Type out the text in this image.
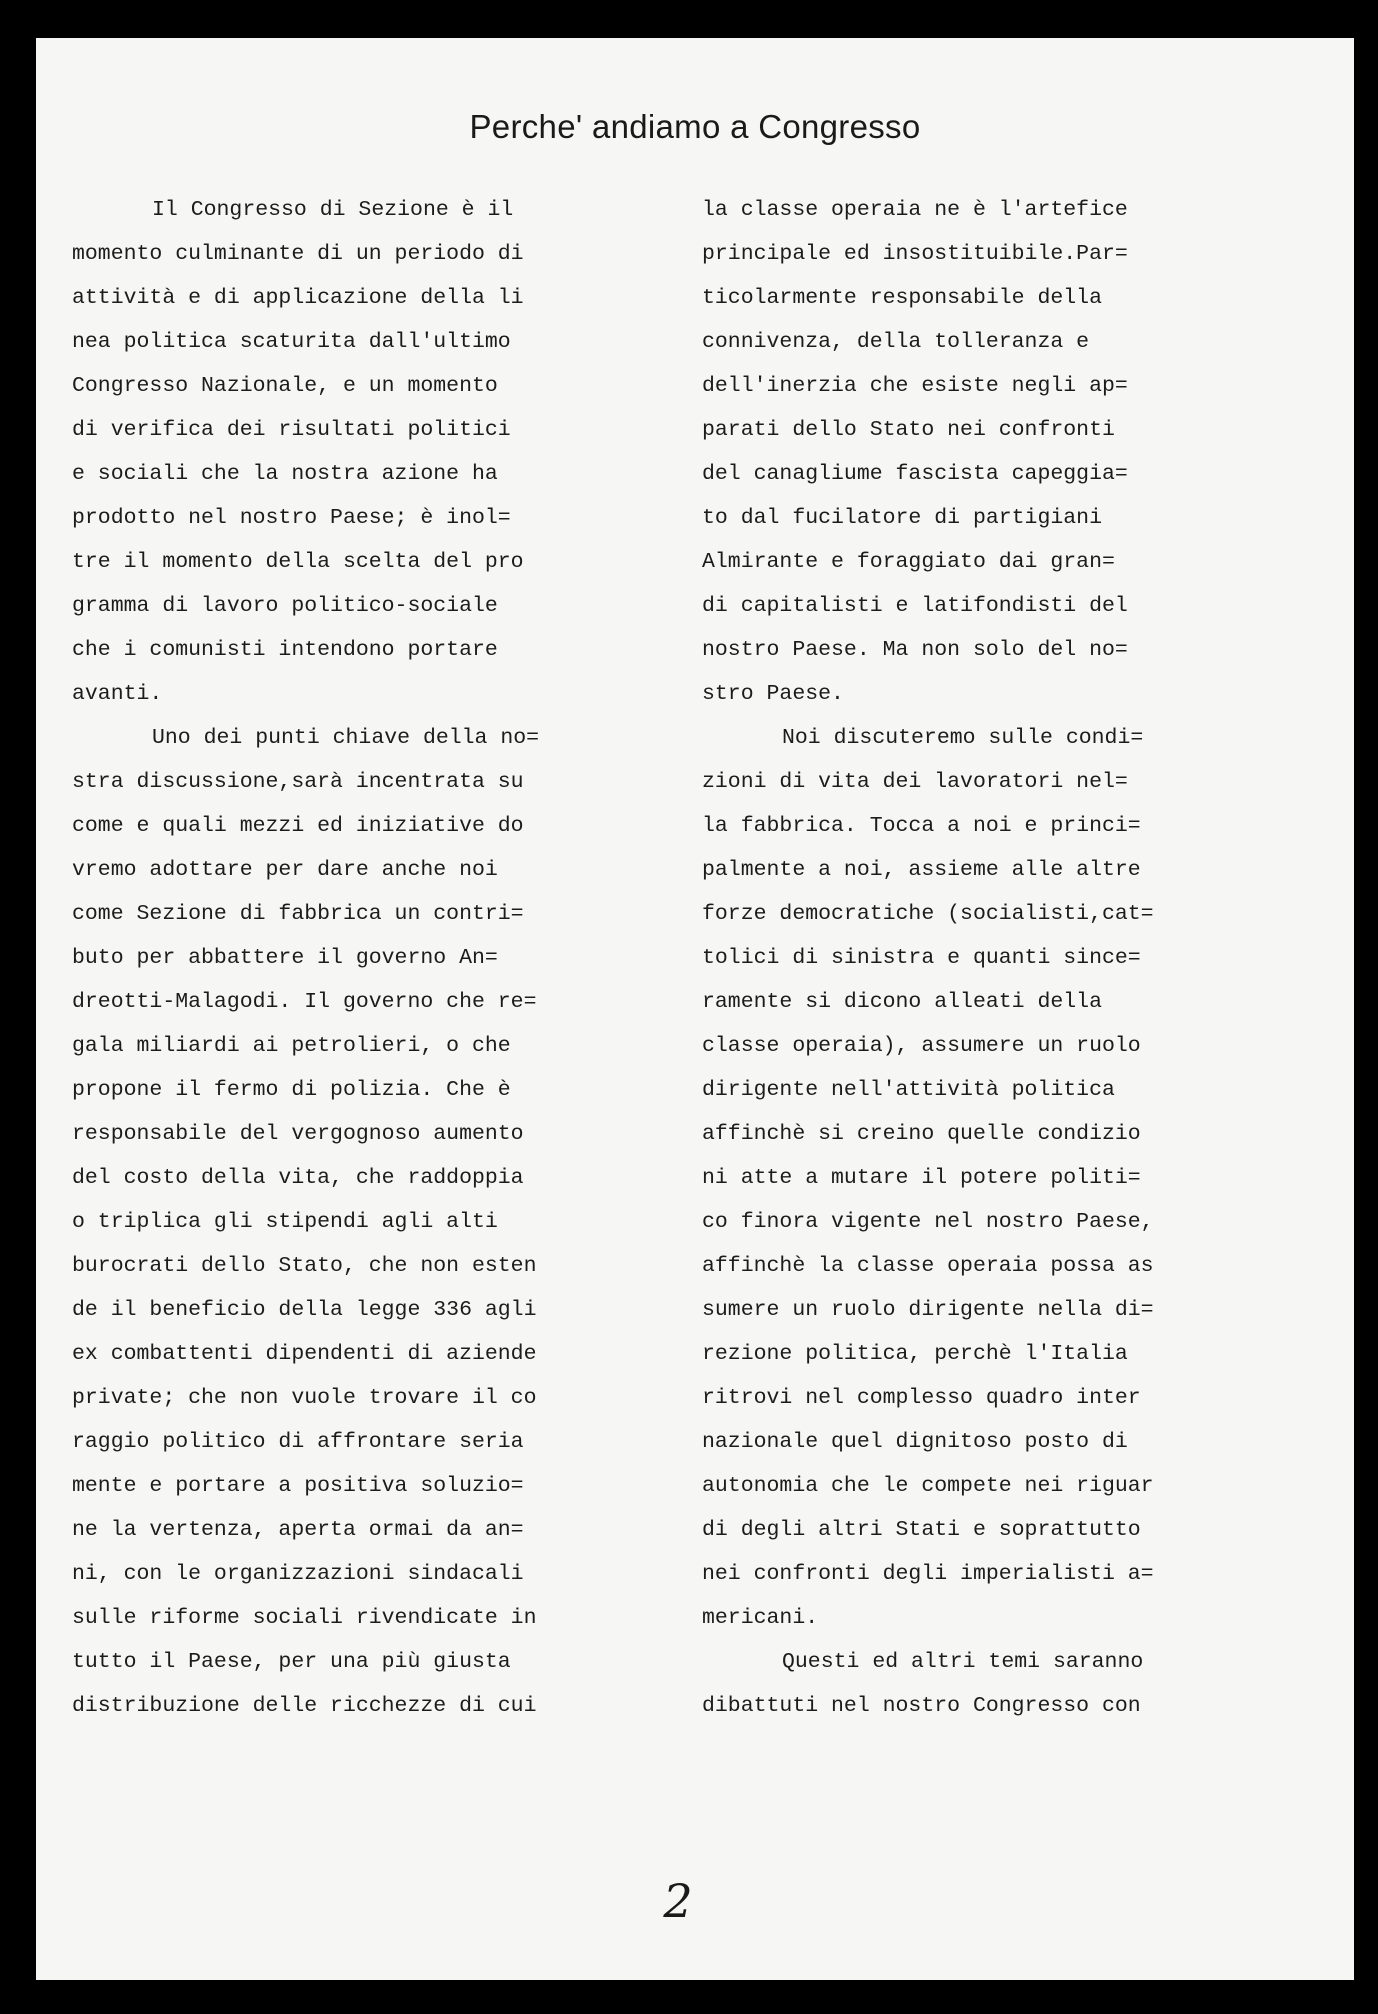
Perche' andiamo a Congresso
Il Congresso di Sezione è il
momento culminante di un periodo di
attività e di applicazione della li
nea politica scaturita dall'ultimo
Congresso Nazionale, e un momento
di verifica dei risultati politici
e sociali che la nostra azione ha
prodotto nel nostro Paese; è inol=
tre il momento della scelta del pro
gramma di lavoro politico-sociale
che i comunisti intendono portare
avanti.
Uno dei punti chiave della no=
stra discussione,sarà incentrata su
come e quali mezzi ed iniziative do
vremo adottare per dare anche noi
come Sezione di fabbrica un contri=
buto per abbattere il governo An=
dreotti-Malagodi. Il governo che re=
gala miliardi ai petrolieri, o che
propone il fermo di polizia. Che è
responsabile del vergognoso aumento
del costo della vita, che raddoppia
o triplica gli stipendi agli alti
burocrati dello Stato, che non esten
de il beneficio della legge 336 agli
ex combattenti dipendenti di aziende
private; che non vuole trovare il co
raggio politico di affrontare seria
mente e portare a positiva soluzio=
ne la vertenza, aperta ormai da an=
ni, con le organizzazioni sindacali
sulle riforme sociali rivendicate in
tutto il Paese, per una più giusta
distribuzione delle ricchezze di cui
la classe operaia ne è l'artefice
principale ed insostituibile.Par=
ticolarmente responsabile della
connivenza, della tolleranza e
dell'inerzia che esiste negli ap=
parati dello Stato nei confronti
del canagliume fascista capeggia=
to dal fucilatore di partigiani
Almirante e foraggiato dai gran=
di capitalisti e latifondisti del
nostro Paese. Ma non solo del no=
stro Paese.
Noi discuteremo sulle condi=
zioni di vita dei lavoratori nel=
la fabbrica. Tocca a noi e princi=
palmente a noi, assieme alle altre
forze democratiche (socialisti,cat=
tolici di sinistra e quanti since=
ramente si dicono alleati della
classe operaia), assumere un ruolo
dirigente nell'attività politica
affinchè si creino quelle condizio
ni atte a mutare il potere politi=
co finora vigente nel nostro Paese,
affinchè la classe operaia possa as
sumere un ruolo dirigente nella di=
rezione politica, perchè l'Italia
ritrovi nel complesso quadro inter
nazionale quel dignitoso posto di
autonomia che le compete nei riguar
di degli altri Stati e soprattutto
nei confronti degli imperialisti a=
mericani.
Questi ed altri temi saranno
dibattuti nel nostro Congresso con
2
